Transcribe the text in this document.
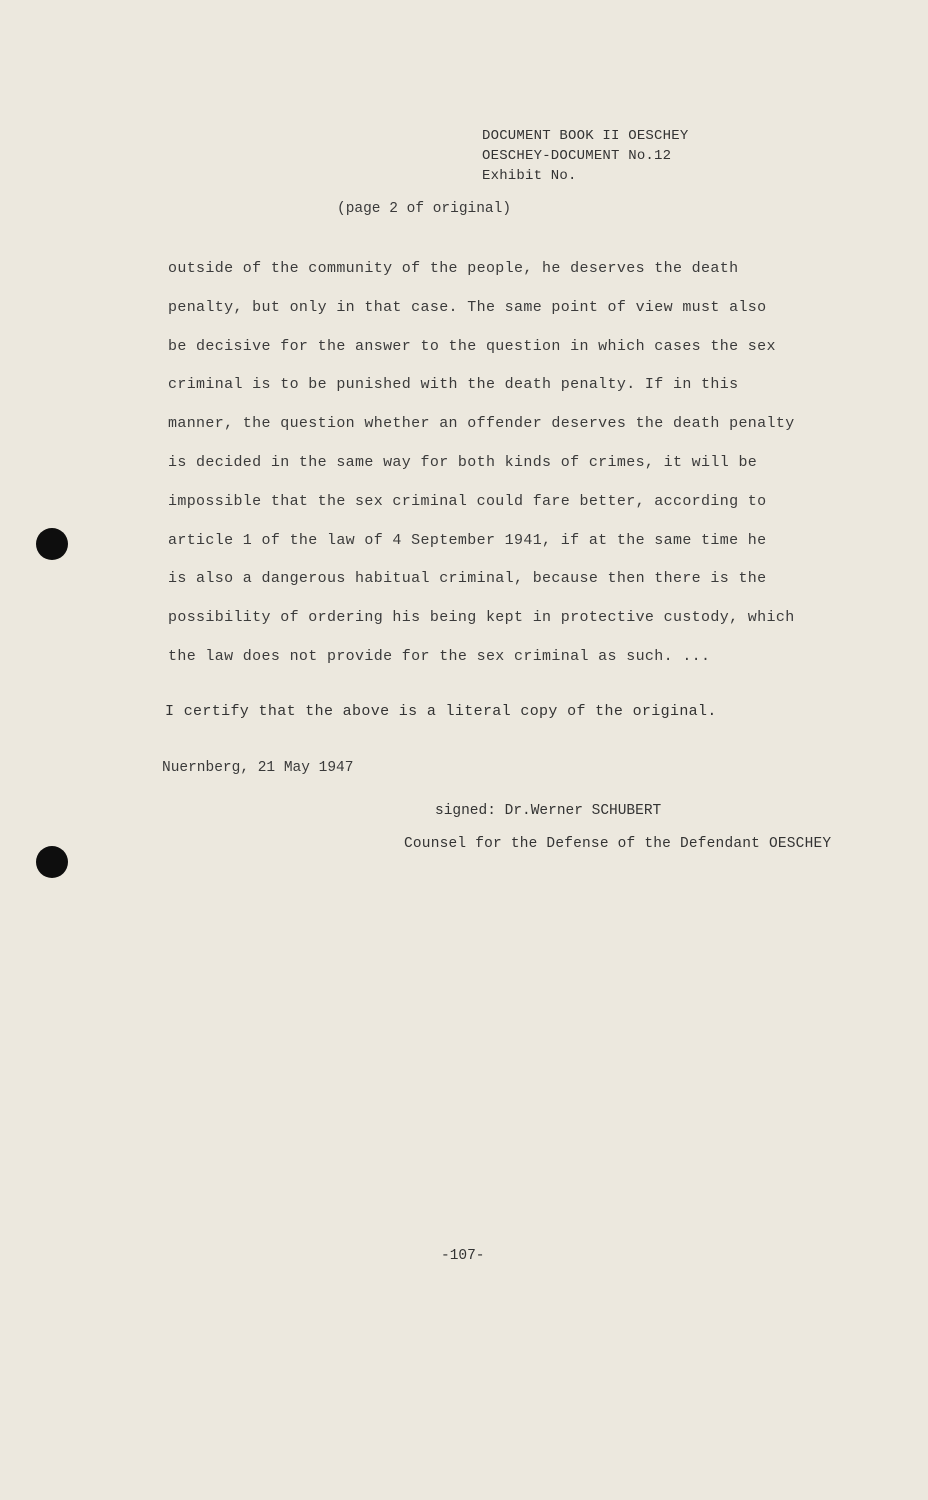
DOCUMENT BOOK II OESCHEY
OESCHEY-DOCUMENT No.12
Exhibit No.
(page 2 of original)
outside of the community of the people, he deserves the death
penalty, but only in that case. The same point of view must also
be decisive for the answer to the question in which cases the sex
criminal is to be punished with the death penalty. If in this
manner, the question whether an offender deserves the death penalty
is decided in the same way for both kinds of crimes, it will be
impossible that the sex criminal could fare better, according to
article 1 of the law of 4 September 1941, if at the same time he
is also a dangerous habitual criminal, because then there is the
possibility of ordering his being kept in protective custody, which
the law does not provide for the sex criminal as such. ...
I certify that the above is a literal copy of the original.
Nuernberg, 21 May 1947
signed: Dr.Werner SCHUBERT
Counsel for the Defense of the Defendant OESCHEY
-107-
